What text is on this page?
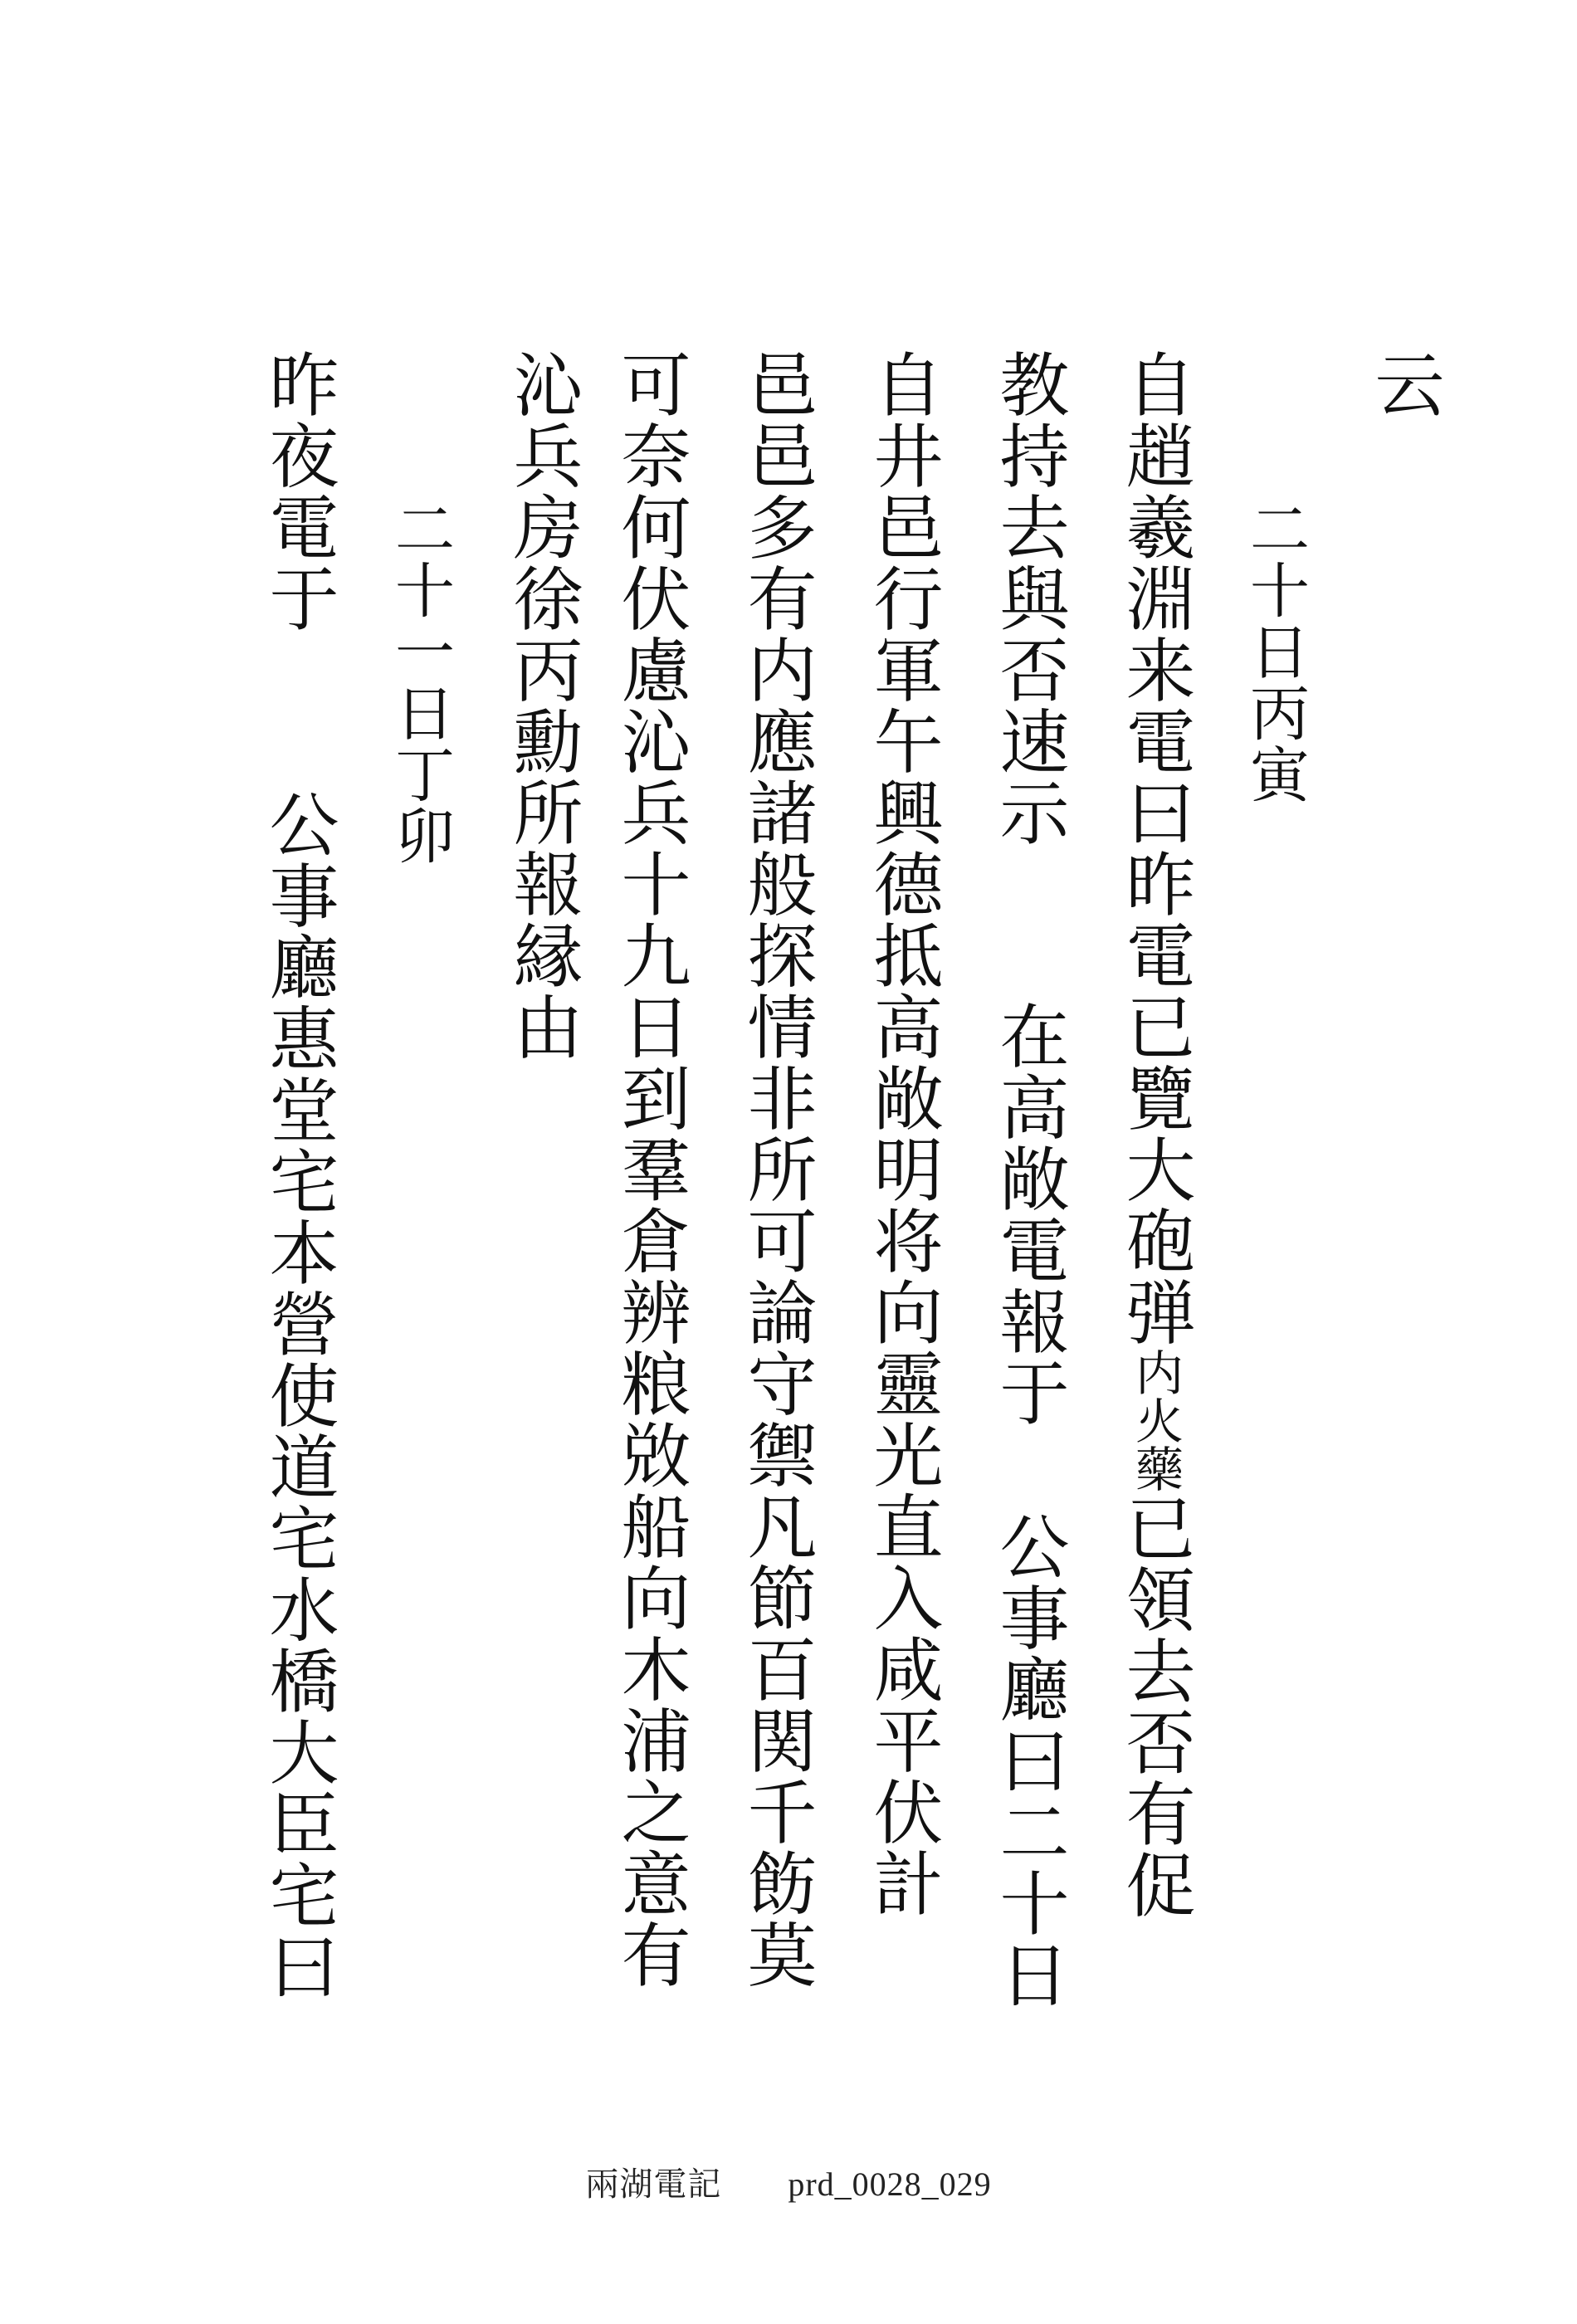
云
二十日丙寅
自趙羲淵来電曰昨電已覽大砲弾内火藥已領去否有促
教持去與否速示
在高敞電報于
自井邑行軍午興德抵高敞明将向靈光直入咸平伏計 公事廳曰二十日
邑邑多有内應諸般探情非所可論守禦凡節百関千飭莫
可奈何伏慮沁兵十九日到羣倉辨粮敚船向木浦之意有
沁兵房徐丙勳所報縁由
二十一日丁卯
昨夜電于
公事廳惠堂宅本營使道宅水橋大臣宅曰
兩湖電記 prd_0028_029
